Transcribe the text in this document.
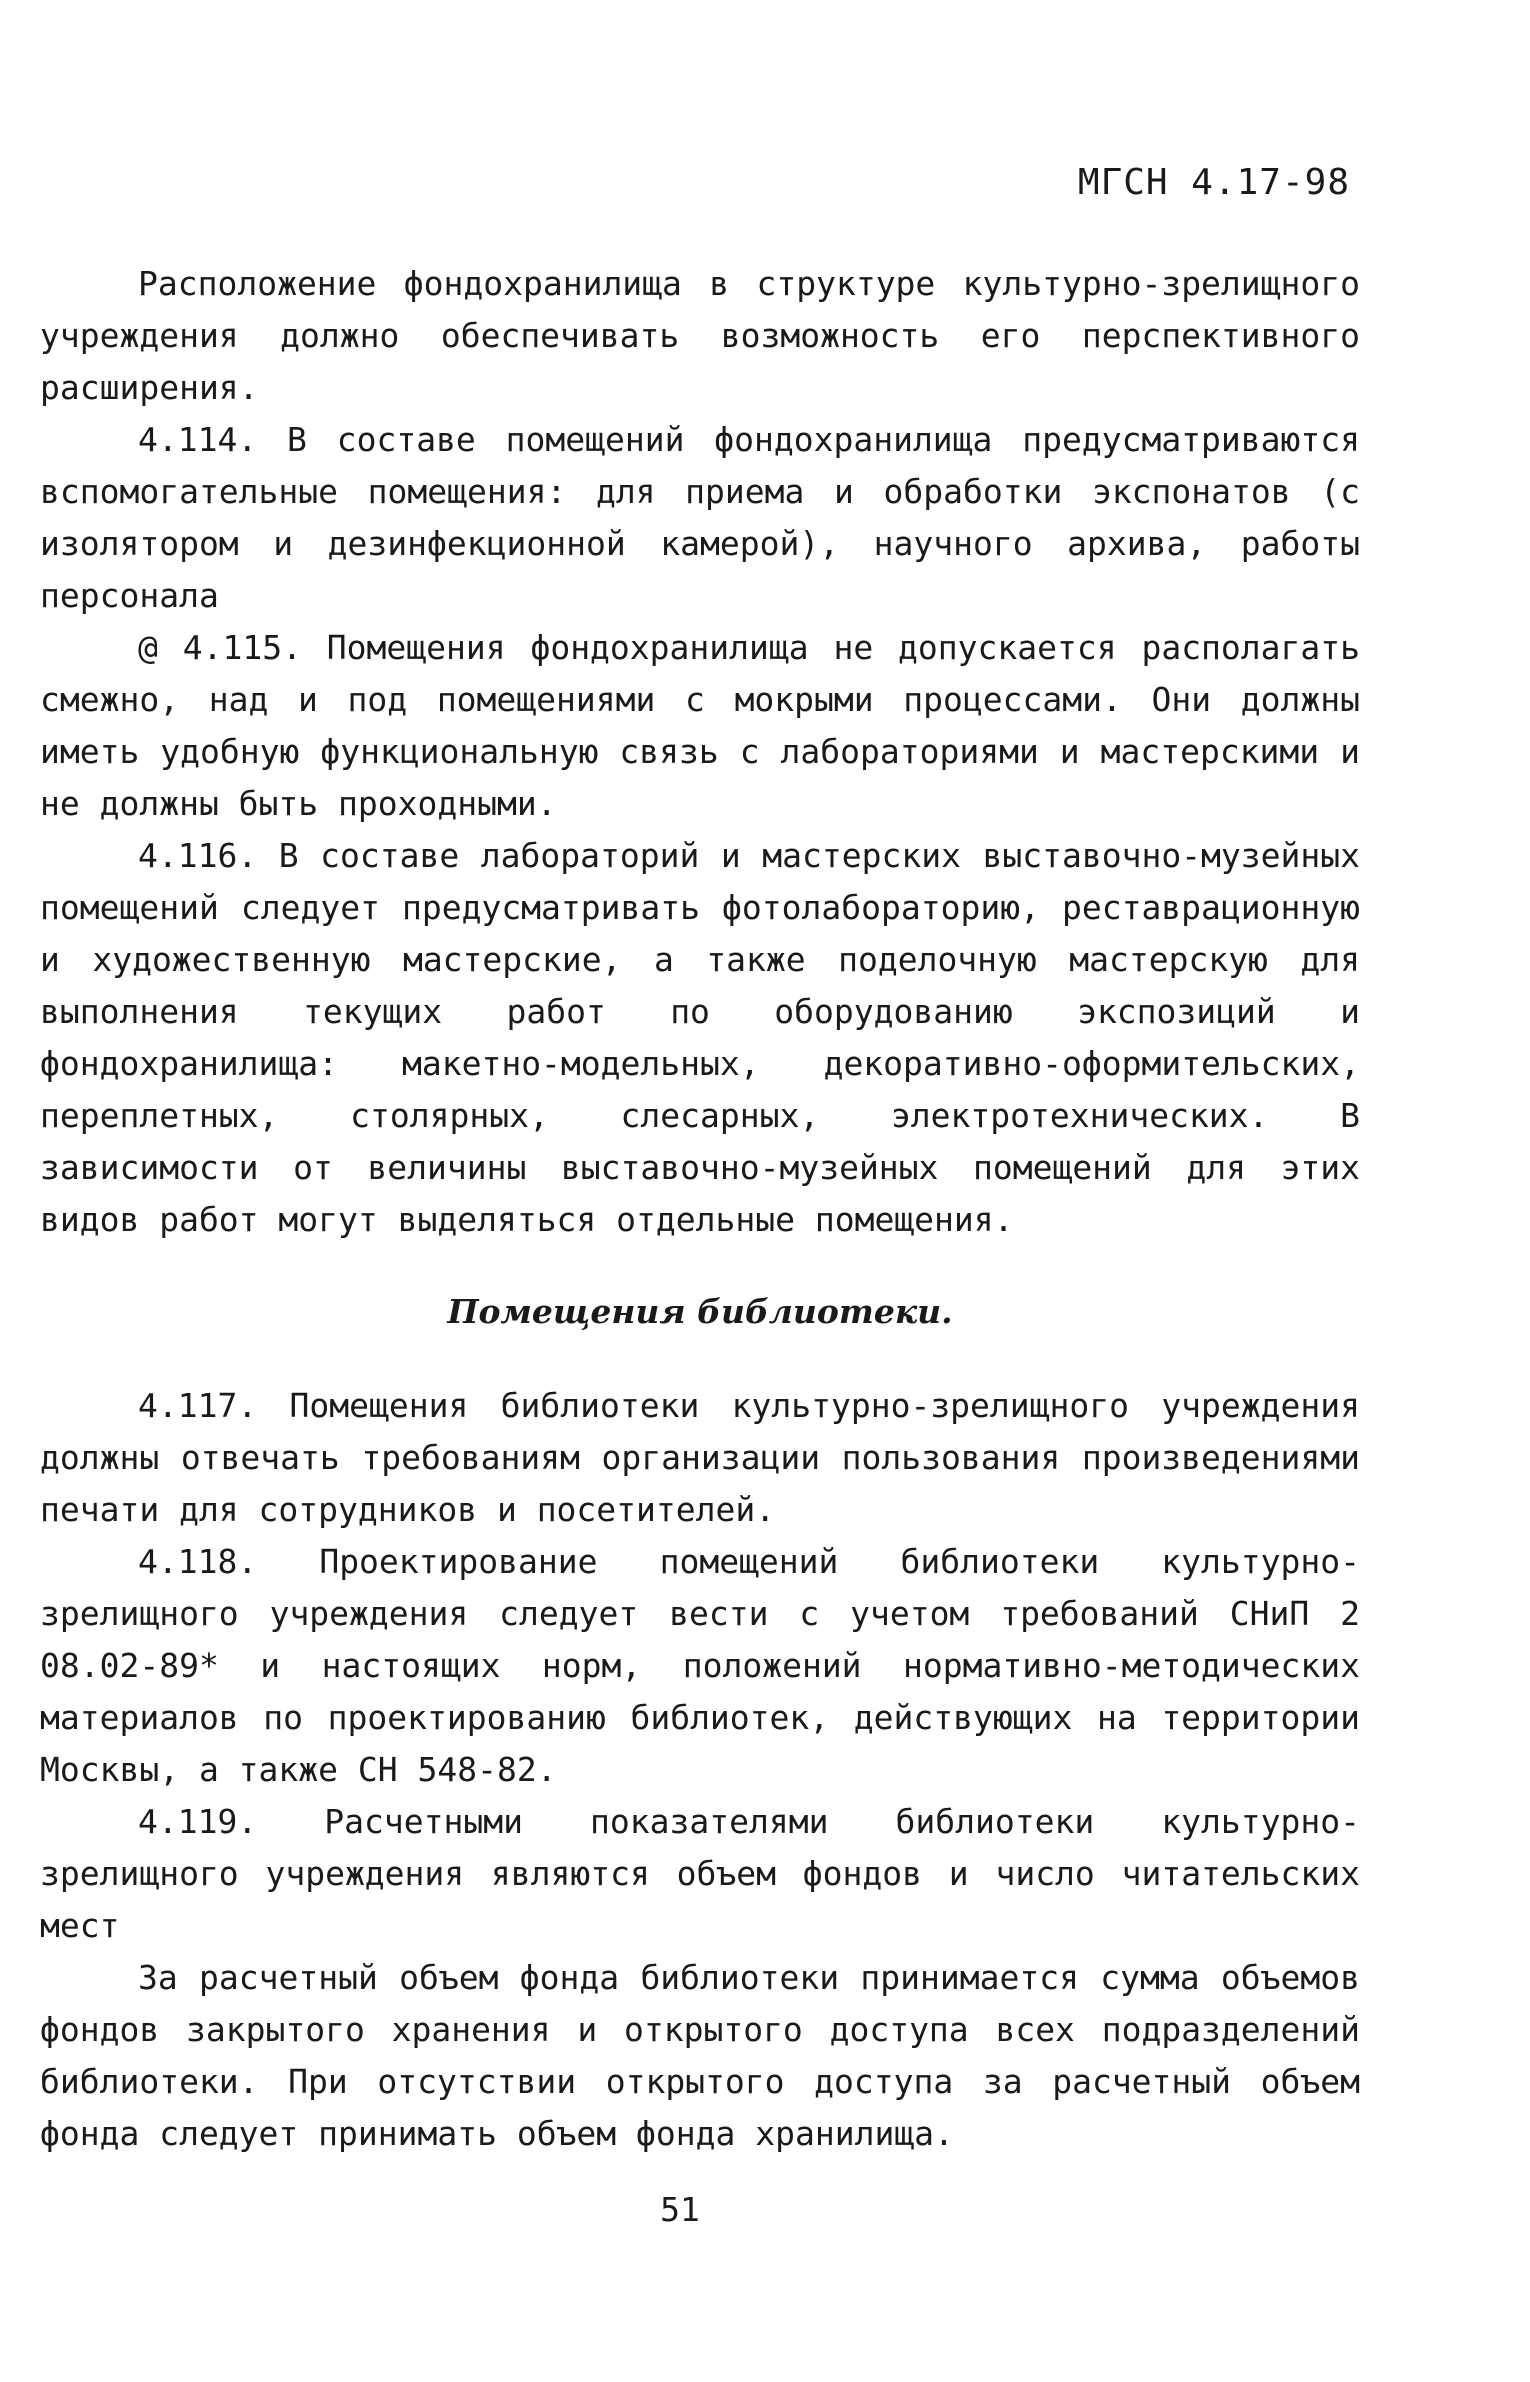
МГСН 4.17-98

Расположение фондохранилища в структуре культурно-зрелищного учреждения должно обеспечивать возможность его перспективного расширения.

4.114. В составе помещений фондохранилища предусматриваются вспомогательные помещения: для приема и обработки экспонатов (с изолятором и дезинфекционной камерой), научного архива, работы персонала

@ 4.115. Помещения фондохранилища не допускается располагать смежно, над и под помещениями с мокрыми процессами. Они должны иметь удобную функциональную связь с лабораториями и мастерскими и не должны быть проходными.

4.116. В составе лабораторий и мастерских выставочно-музейных помещений следует предусматривать фотолабораторию, реставрационную и художественную мастерские, а также поделочную мастерскую для выполнения текущих работ по оборудованию экспозиций и фондохранилища: макетно-модельных, декоративно-оформительских, переплетных, столярных, слесарных, электротехнических. В зависимости от величины выставочно-музейных помещений для этих видов работ могут выделяться отдельные помещения.

Помещения библиотеки.

4.117. Помещения библиотеки культурно-зрелищного учреждения должны отвечать требованиям организации пользования произведениями печати для сотрудников и посетителей.

4.118. Проектирование помещений библиотеки культурно-зрелищного учреждения следует вести с учетом требований СНиП 2 08.02-89* и настоящих норм, положений нормативно-методических материалов по проектированию библиотек, действующих на территории Москвы, а также СН 548-82.

4.119. Расчетными показателями библиотеки культурно-зрелищного учреждения являются объем фондов и число читательских мест

За расчетный объем фонда библиотеки принимается сумма объемов фондов закрытого хранения и открытого доступа всех подразделений библиотеки. При отсутствии открытого доступа за расчетный объем фонда следует принимать объем фонда хранилища.

51
